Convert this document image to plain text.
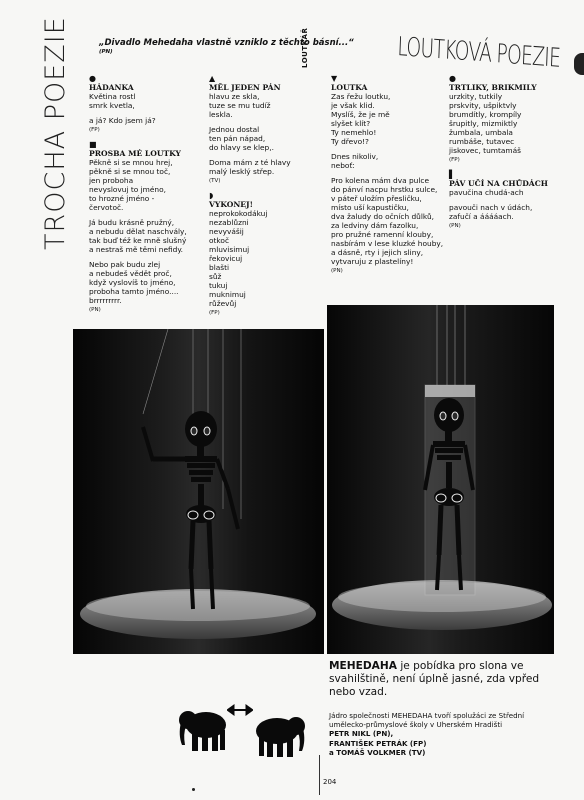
TROCHA POEZIE	„Divadlo Mehedaha vlastně vzniklo z těchto básní...“
(PN)	LOUTKÁŘ	LOUTKOVÁ POEZIE
●
HÁDANKA
Květina rostl
smrk kvetla,
a já? Kdo jsem já?
(FP)
■
PROSBA MÉ LOUTKY
Pěkně si se mnou hrej,
pěkně si se mnou toč,
jen proboha
nevyslovuj to jméno,
to hrozné jméno -
červotoč.
Já budu krásně pružný,
a nebudu dělat naschvály,
tak buď též ke mně slušný
a nestraš mě těmi nefidy.
Nebo pak budu zlej
a nebudeš vědět proč,
když vyslovíš to jméno,
proboha tamto jméno....
brrrrrrrrr.
(PN)
▲
MĚL JEDEN PÁN
hlavu ze skla,
tuze se mu tudíž
leskla.
Jednou dostal
ten pán nápad,
do hlavy se klep,.
Doma mám z té hlavy
malý lesklý střep.
(TV)
◗
VYKONEJ!
neprokokodákuj
nezablůzni
nevyvášij
otkoč
mluvisimuj
řekovicuj
blašti
sůž
tukuj
muknimuj
růževůj
(FP)
▼
LOUTKA
Zas řežu loutku,
je však klid.
Myslíš, že je mě
slyšet klít?
Ty nemehlo!
Ty dřevo!?
Dnes nikoliv,
neboť:
Pro kolena mám dva pulce
do pánví nacpu hrstku sulce,
v páteř uložím přesličku,
místo uší kapustičku,
dva žaludy do očních důlků,
za ledviny dám fazolku,
pro pružné ramenní klouby,
nasbírám v lese kluzké houby,
a dásně, rty i jejich sliny,
vytvaruju z plastelíny!
(PN)
●
TRTLIKY, BRIKMILY
urzkity, tutkily
prskvity, ušpiktvly
brumdítly, krompíly
šrupitly, mizmiktly
žumbala, umbala
rumbáše, tutavec
jiskovec, tumtamáš
(FP)
▌
PÁV UČÍ NA CHŮDÁCH
pavučina chudá-ach
pavouči nach v údách,
zafučí a ááááach.
(PN)
MEHEDAHA je pobídka pro slona ve svahilštině, není úplně jasné, zda vpřed nebo vzad.
Jádro společnosti MEHEDAHA tvoří spolužáci ze Střední
umělecko-průmyslové školy v Uherském Hradišti
PETR NIKL (PN),
FRANTIŠEK PETRÁK (FP)
a TOMÁŠ VOLKMER (TV)
204
